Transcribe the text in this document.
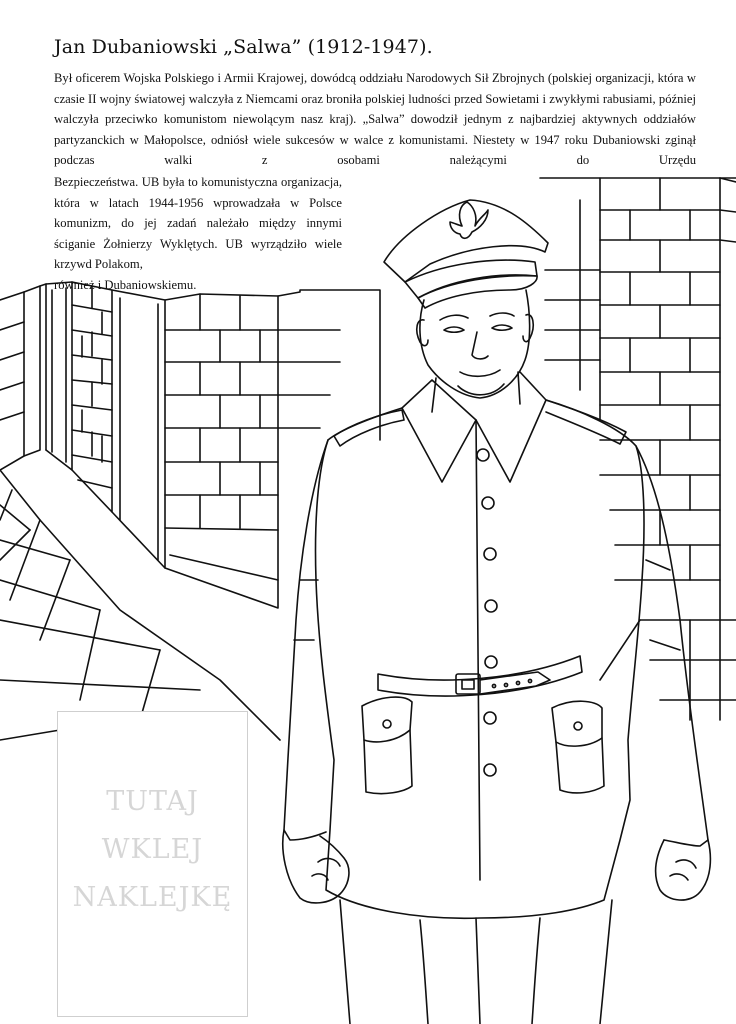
Jan Dubaniowski „Salwa” (1912-1947).

Był oficerem Wojska Polskiego i Armii Krajowej, dowódcą oddziału Narodowych Sił Zbrojnych (polskiej organizacji, która w czasie II wojny światowej walczyła z Niemcami oraz broniła polskiej ludności przed Sowietami i zwykłymi rabusiami, później walczyła przeciwko komunistom niewolącym nasz kraj). „Salwa” dowodził jednym z najbardziej aktywnych oddziałów partyzanckich w Małopolsce, odniósł wiele sukcesów w walce z komunistami. Niestety w 1947 roku Dubaniowski zginął podczas walki z osobami należącymi do Urzędu

Bezpieczeństwa. UB była to komunistyczna organizacja, która w latach 1944-1956 wprowadzała w Polsce komunizm, do jej zadań należało między innymi ściganie Żołnierzy Wyklętych. UB wyrządziło wiele krzywd Polakom,
również i Dubaniowskiemu.

TUTAJ
WKLEJ
NAKLEJKĘ
